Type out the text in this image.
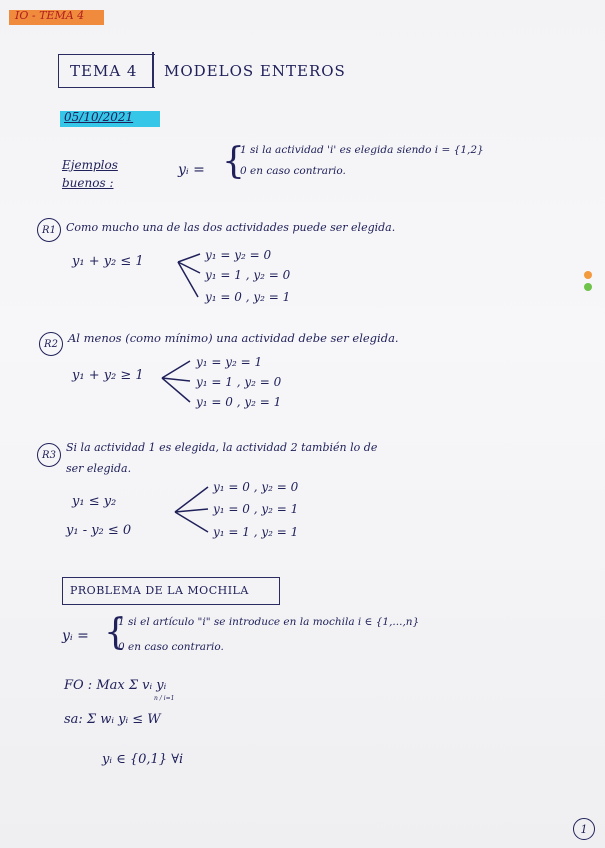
IO - TEMA 4
TEMA 4 MODELOS ENTEROS
05/10/2021
Ejemplos
buenos :
yᵢ = {
1 si la actividad 'i' es elegida siendo i = {1,2}
0 en caso contrario.
R1 Como mucho una de las dos actividades puede ser elegida.
y₁ + y₂ ≤ 1	y₁ = y₂ = 0
y₁ = 1 , y₂ = 0
y₁ = 0 , y₂ = 1
R2 Al menos (como mínimo) una actividad debe ser elegida.
y₁ + y₂ ≥ 1
y₁ = y₂ = 1
y₁ = 1 , y₂ = 0
y₁ = 0 , y₂ = 1
R3
Si la actividad 1 es elegida, la actividad 2 también lo de
ser elegida.
y₁ ≤ y₂
y₁ - y₂ ≤ 0
y₁ = 0 , y₂ = 0
y₁ = 0 , y₂ = 1
y₁ = 1 , y₂ = 1
PROBLEMA DE LA MOCHILA
yᵢ = {
1 si el artículo "i" se introduce en la mochila i ∈ {1,...,n}
0 en caso contrario.
FO : Max Σ vᵢ yᵢ
n / i=1
sa: Σ wᵢ yᵢ ≤ W
yᵢ ∈ {0,1} ∀i
1
